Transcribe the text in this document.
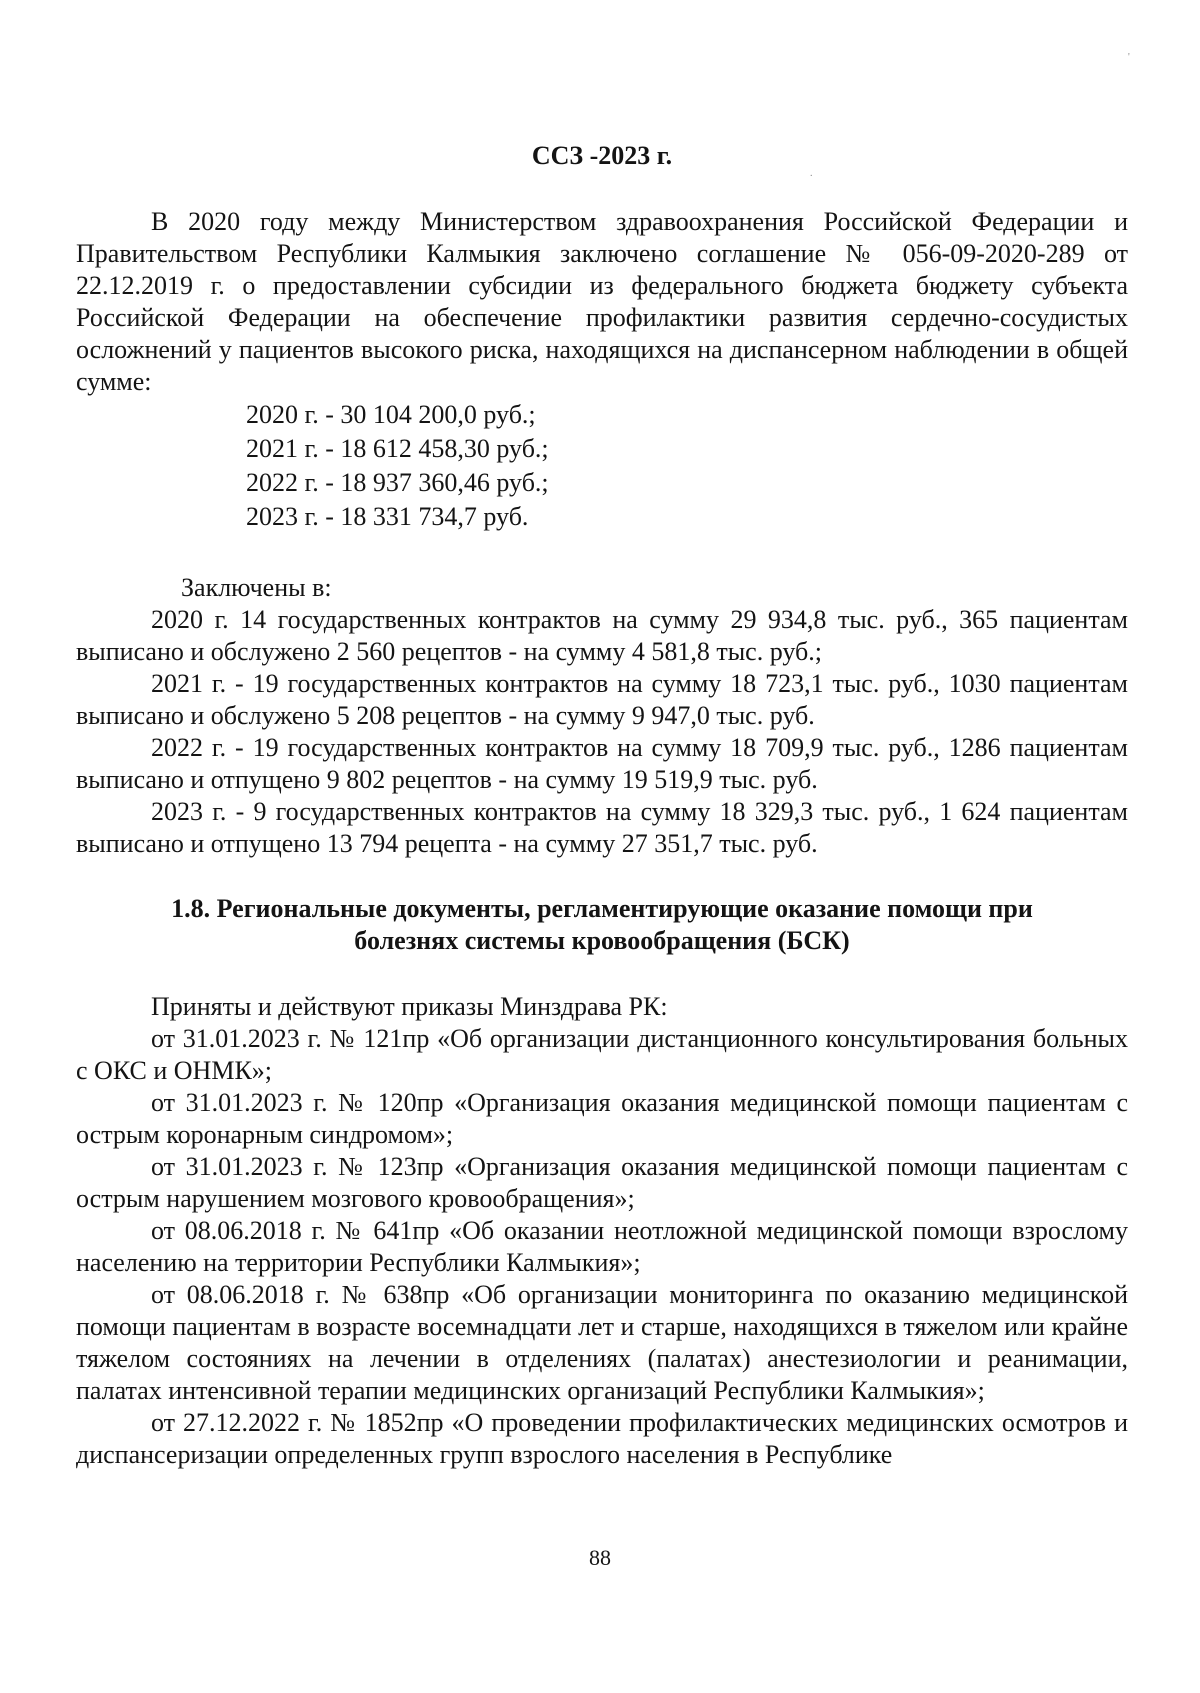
'
.
ССЗ -2023 г.

В 2020 году между Министерством здравоохранения Российской Федерации и Правительством Республики Калмыкия заключено соглашение № 056-09-2020-289 от 22.12.2019 г. о предоставлении субсидии из федерального бюджета бюджету субъекта Российской Федерации на обеспечение профилактики развития сердечно-сосудистых осложнений у пациентов высокого риска, находящихся на диспансерном наблюдении в общей сумме:

2020 г. - 30 104 200,0 руб.;
2021 г. - 18 612 458,30 руб.;
2022 г. - 18 937 360,46 руб.;
2023 г. - 18 331 734,7 руб.
Заключены в:

2020 г. 14 государственных контрактов на сумму 29 934,8 тыс. руб., 365 пациентам выписано и обслужено 2 560 рецептов - на сумму 4 581,8 тыс. руб.;

2021 г. - 19 государственных контрактов на сумму 18 723,1 тыс. руб., 1030 пациентам выписано и обслужено 5 208 рецептов - на сумму 9 947,0 тыс. руб.

2022 г. - 19 государственных контрактов на сумму 18 709,9 тыс. руб., 1286 пациентам выписано и отпущено 9 802 рецептов - на сумму 19 519,9 тыс. руб.

2023 г. - 9 государственных контрактов на сумму 18 329,3 тыс. руб., 1 624 пациентам выписано и отпущено 13 794 рецепта - на сумму 27 351,7 тыс. руб.

1.8. Региональные документы, регламентирующие оказание помощи при
болезнях системы кровообращения (БСК)

Приняты и действуют приказы Минздрава РК:

от 31.01.2023 г. № 121пр «Об организации дистанционного консультирования больных с ОКС и ОНМК»;

от 31.01.2023 г. № 120пр «Организация оказания медицинской помощи пациентам с острым коронарным синдромом»;

от 31.01.2023 г. № 123пр «Организация оказания медицинской помощи пациентам с острым нарушением мозгового кровообращения»;

от 08.06.2018 г. № 641пр «Об оказании неотложной медицинской помощи взрослому населению на территории Республики Калмыкия»;

от 08.06.2018 г. № 638пр «Об организации мониторинга по оказанию медицинской помощи пациентам в возрасте восемнадцати лет и старше, находящихся в тяжелом или крайне тяжелом состояниях на лечении в отделениях (палатах) анестезиологии и реанимации, палатах интенсивной терапии медицинских организаций Республики Калмыкия»;

от 27.12.2022 г. № 1852пр «О проведении профилактических медицинских осмотров и диспансеризации определенных групп взрослого населения в Республике

88
